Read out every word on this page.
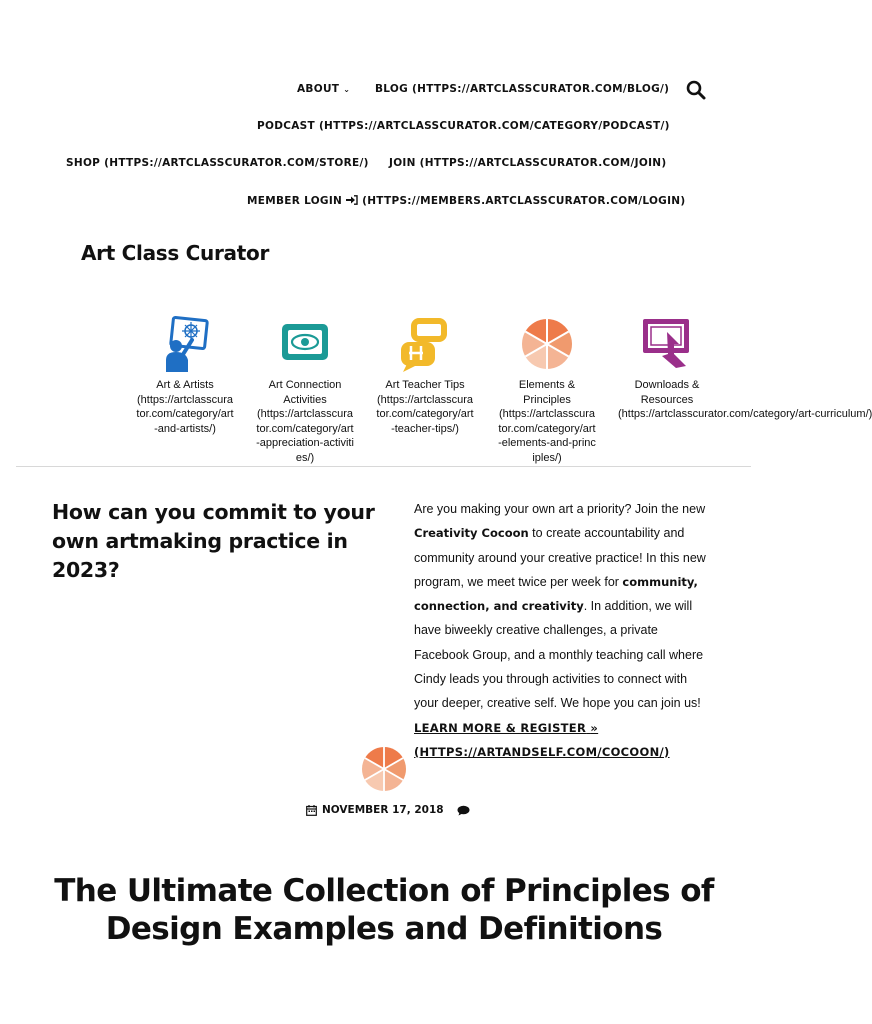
ABOUT ⌄ BLOG (HTTPS://ARTCLASSCURATOR.COM/BLOG/)
PODCAST (HTTPS://ARTCLASSCURATOR.COM/CATEGORY/PODCAST/)
SHOP (HTTPS://ARTCLASSCURATOR.COM/STORE/) JOIN (HTTPS://ARTCLASSCURATOR.COM/JOIN)
MEMBER LOGIN (HTTPS://MEMBERS.ARTCLASSCURATOR.COM/LOGIN)
Art Class Curator
Art & Artists
(https://artclasscurator.com/category/art-and-artists/)
Art Connection Activities
(https://artclasscurator.com/category/art-appreciation-activities/)
Art Teacher Tips
(https://artclasscurator.com/category/art-teacher-tips/)
Elements & Principles
(https://artclasscurator.com/category/art-elements-and-principles/)
Downloads & Resources
(https://artclasscurator.com/category/art-curriculum/)
How can you commit to your own artmaking practice in 2023?

Are you making your own art a priority? Join the new Creativity Cocoon to create accountability and community around your creative practice! In this new program, we meet twice per week for community, connection, and creativity. In addition, we will have biweekly creative challenges, a private Facebook Group, and a monthly teaching call where Cindy leads you through activities to connect with your deeper, creative self. We hope you can join us! LEARN MORE & REGISTER »
(HTTPS://ARTANDSELF.COM/COCOON/)

NOVEMBER 17, 2018
The Ultimate Collection of Principles of Design Examples and Definitions
